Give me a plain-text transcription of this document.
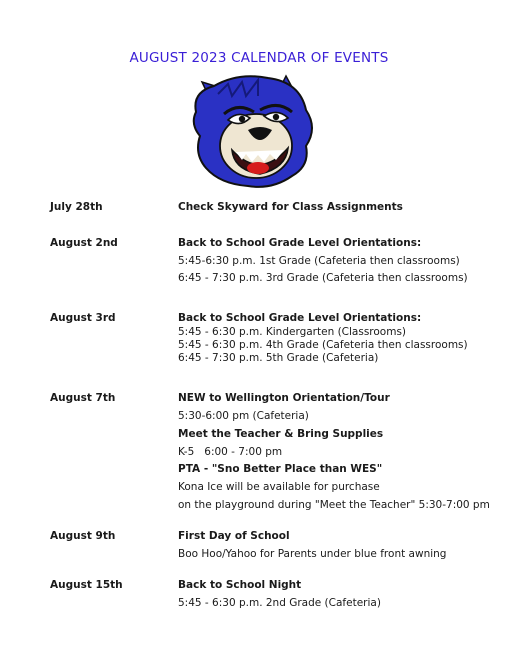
AUGUST 2023 CALENDAR OF EVENTS
July 28th	Check Skyward for Class Assignments
August 2nd	Back to School Grade Level Orientations:
5:45-6:30 p.m. 1st Grade (Cafeteria then classrooms)
6:45 - 7:30 p.m. 3rd Grade (Cafeteria then classrooms)
August 3rd	Back to School Grade Level Orientations:
5:45 - 6:30 p.m. Kindergarten (Classrooms)
5:45 - 6:30 p.m. 4th Grade (Cafeteria then classrooms)
6:45 - 7:30 p.m. 5th Grade (Cafeteria)
August 7th	NEW to Wellington Orientation/Tour
5:30-6:00 pm (Cafeteria)
Meet the Teacher & Bring Supplies
K-5   6:00 - 7:00 pm
PTA - "Sno Better Place than WES"
Kona Ice will be available for purchase
on the playground during "Meet the Teacher" 5:30-7:00 pm
August 9th	First Day of School
Boo Hoo/Yahoo for Parents under blue front awning
August 15th	Back to School Night
5:45 - 6:30 p.m. 2nd Grade (Cafeteria)
